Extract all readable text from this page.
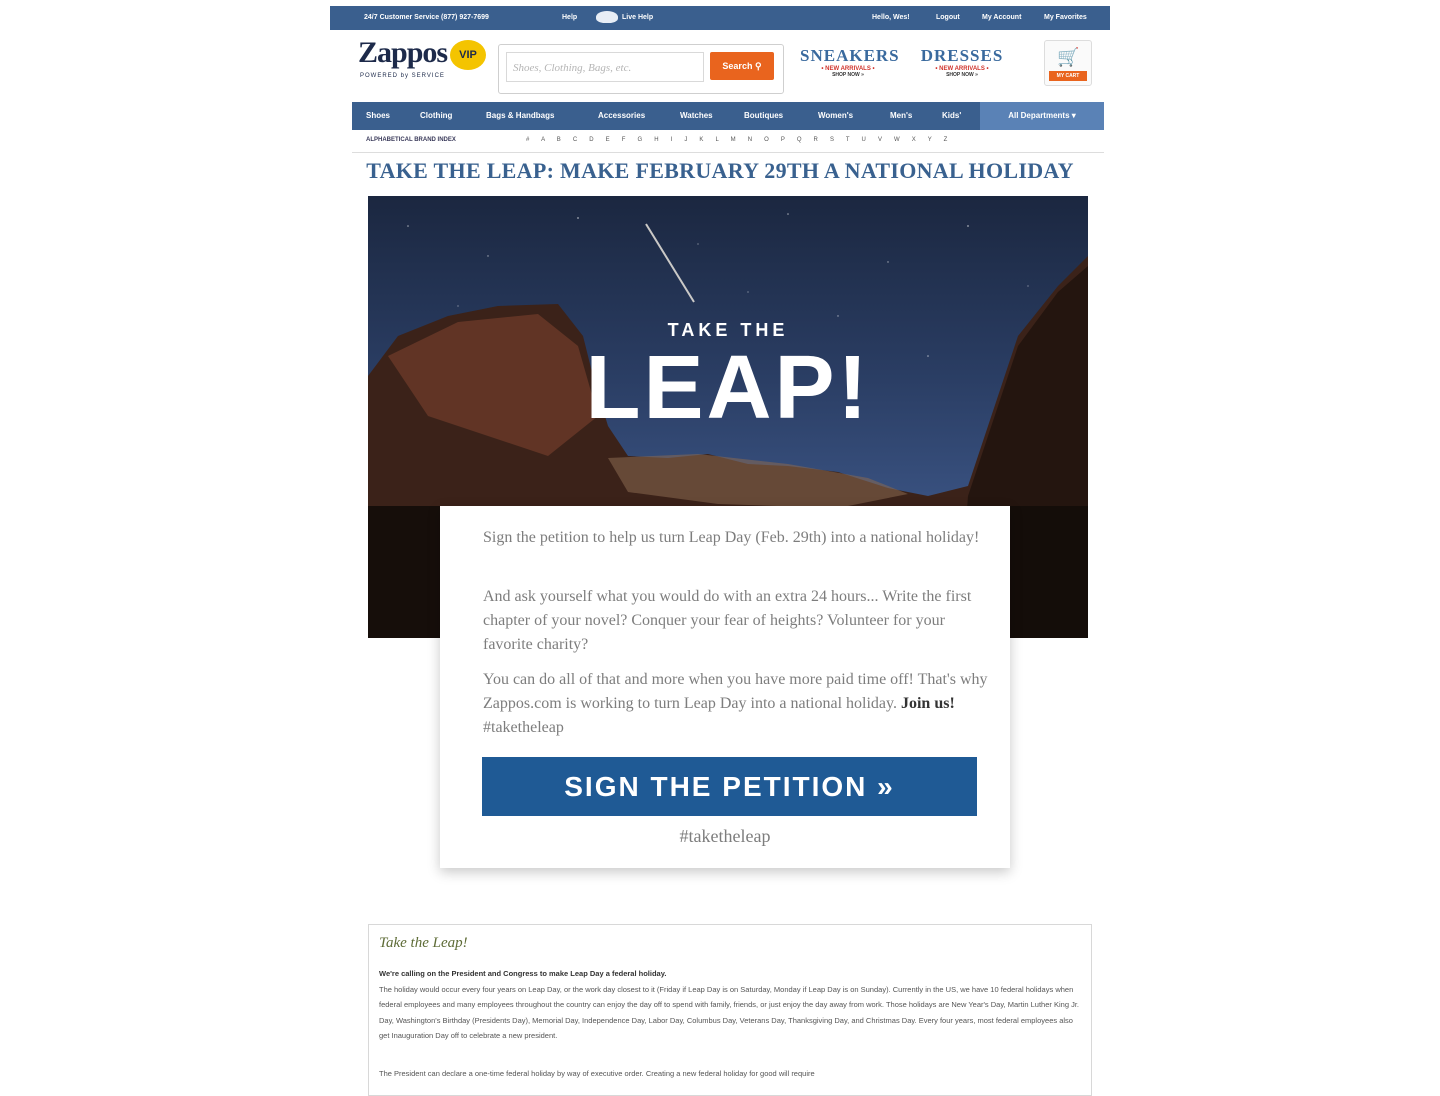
24/7 Customer Service (877) 927-7699	Help	Live Help	Hello, Wes!	Logout	My Account	My Favorites
Zappos	VIP
POWERED by SERVICE
Shoes, Clothing, Bags, etc.	Search ⚲
SNEAKERS
• NEW ARRIVALS •
SHOP NOW »
DRESSES
• NEW ARRIVALS •
SHOP NOW »
🛒
MY CART
Shoes	Clothing	Bags & Handbags	Accessories	Watches	Boutiques	Women's	Men's	Kids'	All Departments ▾
ALPHABETICAL BRAND INDEX	# A B C D E F G H I J K L M N O P Q R S T U V W X Y Z
TAKE THE LEAP: MAKE FEBRUARY 29TH A NATIONAL HOLIDAY
TAKE THE
LEAP!

Sign the petition to help us turn Leap Day (Feb. 29th) into a national holiday!

And ask yourself what you would do with an extra 24 hours... Write the first chapter of your novel? Conquer your fear of heights? Volunteer for your favorite charity?

You can do all of that and more when you have more paid time off! That's why Zappos.com is working to turn Leap Day into a national holiday. Join us! #taketheleap

SIGN THE PETITION »
#taketheleap
Take the Leap!
We're calling on the President and Congress to make Leap Day a federal holiday.
The holiday would occur every four years on Leap Day, or the work day closest to it (Friday if Leap Day is on Saturday, Monday if Leap Day is on Sunday). Currently in the US, we have 10 federal holidays when federal employees and many employees throughout the country can enjoy the day off to spend with family, friends, or just enjoy the day away from work. Those holidays are New Year's Day, Martin Luther King Jr. Day, Washington's Birthday (Presidents Day), Memorial Day, Independence Day, Labor Day, Columbus Day, Veterans Day, Thanksgiving Day, and Christmas Day. Every four years, most federal employees also get Inauguration Day off to celebrate a new president.
The President can declare a one-time federal holiday by way of executive order. Creating a new federal holiday for good will require
